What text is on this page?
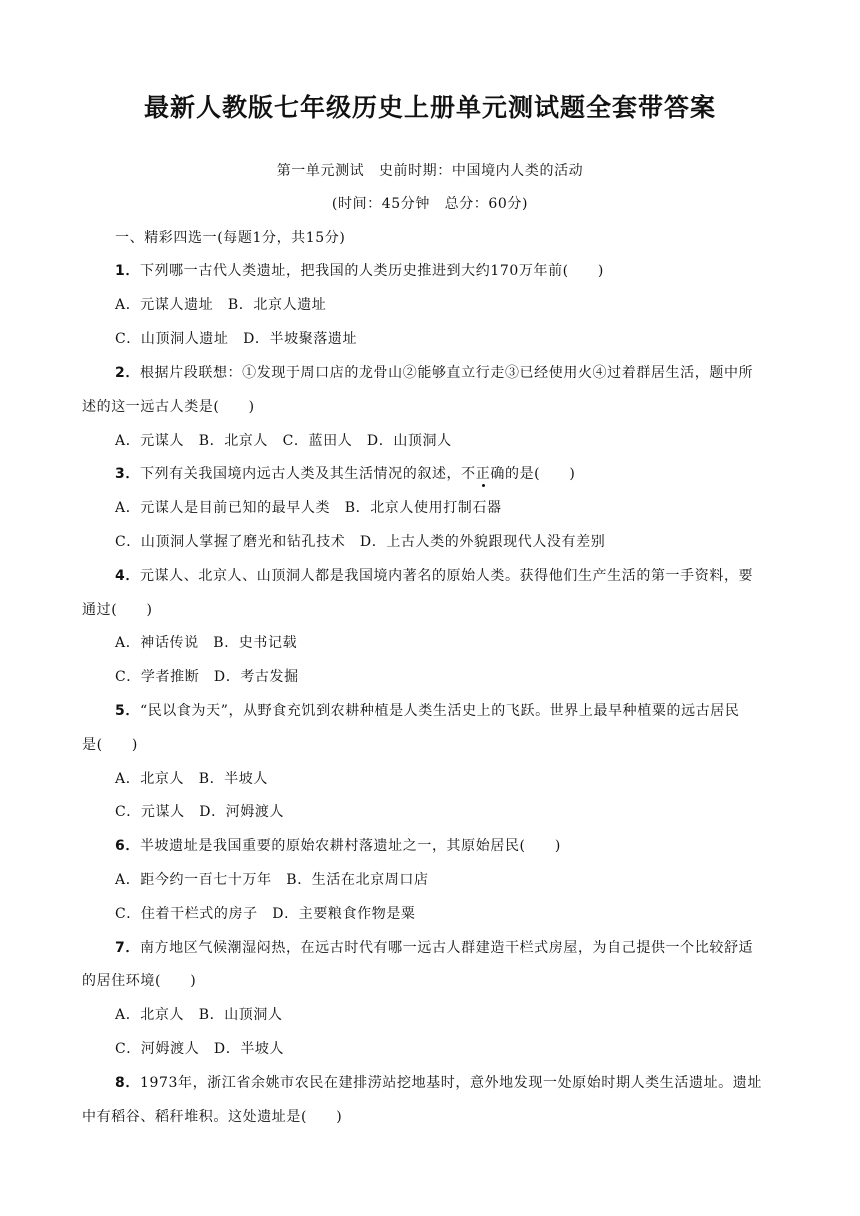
最新人教版七年级历史上册单元测试题全套带答案
第一单元测试　史前时期：中国境内人类的活动
(时间：45分钟　总分：60分)
一、精彩四选一(每题1分，共15分)
1．下列哪一古代人类遗址，把我国的人类历史推进到大约170万年前(　　)
A．元谋人遗址　B．北京人遗址
C．山顶洞人遗址　D．半坡聚落遗址
2．根据片段联想：①发现于周口店的龙骨山②能够直立行走③已经使用火④过着群居生活，题中所
述的这一远古人类是(　　)
A．元谋人　B．北京人　C．蓝田人　D．山顶洞人
3．下列有关我国境内远古人类及其生活情况的叙述，不正确的是(　　)
A．元谋人是目前已知的最早人类　B．北京人使用打制石器
C．山顶洞人掌握了磨光和钻孔技术　D．上古人类的外貌跟现代人没有差别
4．元谋人、北京人、山顶洞人都是我国境内著名的原始人类。获得他们生产生活的第一手资料，要
通过(　　)
A．神话传说　B．史书记载
C．学者推断　D．考古发掘
5．“民以食为天”，从野食充饥到农耕种植是人类生活史上的飞跃。世界上最早种植粟的远古居民
是(　　)
A．北京人　B．半坡人
C．元谋人　D．河姆渡人
6．半坡遗址是我国重要的原始农耕村落遗址之一，其原始居民(　　)
A．距今约一百七十万年　B．生活在北京周口店
C．住着干栏式的房子　D．主要粮食作物是粟
7．南方地区气候潮湿闷热，在远古时代有哪一远古人群建造干栏式房屋，为自己提供一个比较舒适
的居住环境(　　)
A．北京人　B．山顶洞人
C．河姆渡人　D．半坡人
8．1973年，浙江省余姚市农民在建排涝站挖地基时，意外地发现一处原始时期人类生活遗址。遗址
中有稻谷、稻秆堆积。这处遗址是(　　)
